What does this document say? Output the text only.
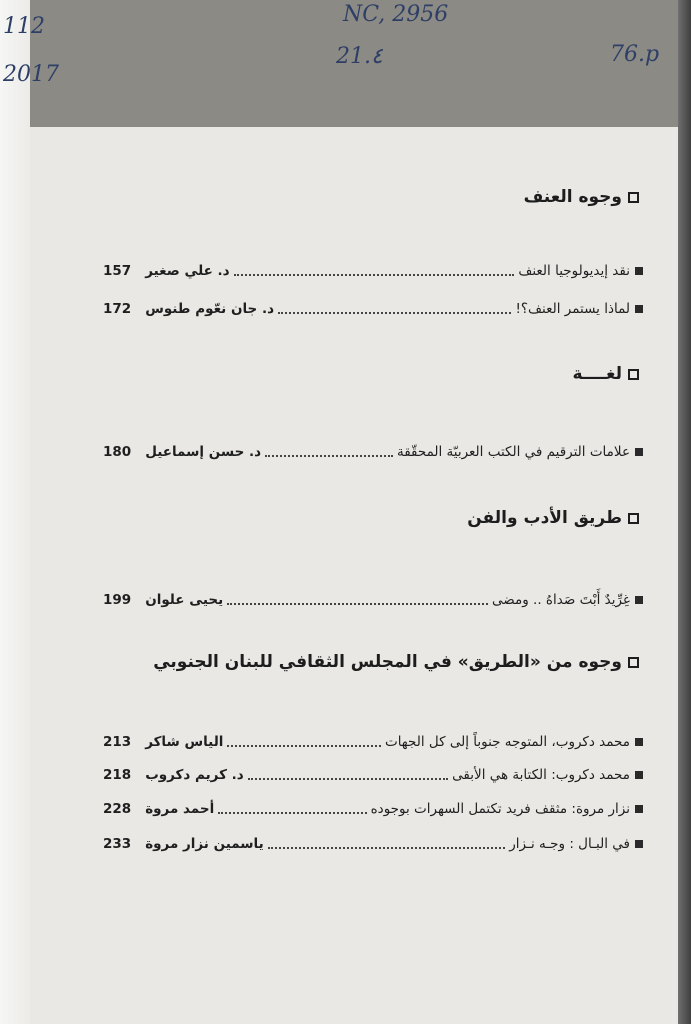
112
2017
NC, 2956
21.٤	76.p
وجوه العنف
نقد إيديولوجيا العنف
د. علي صغير
157
لماذا يستمر العنف؟!
د. جان نعّوم طنوس
172
لغــــة
علامات الترقيم في الكتب العربيّة المحقّقة
د. حسن إسماعيل
180
طريق الأدب والفن
غِرِّيدٌ أَبْتَ صَداهُ .. ومضى
يحيى علوان
199
وجوه من «الطريق» في المجلس الثقافي للبنان الجنوبي
محمد دكروب، المتوجه جنوباً إلى كل الجهات
الياس شاكر
213
محمد دكروب: الكتابة هي الأبقى
د. كريم دكروب
218
نزار مروة: مثقف فريد تكتمل السهرات بوجوده
أحمد مروة
228
في البـال : وجـه نـزار
ياسمين نزار مروة
233
